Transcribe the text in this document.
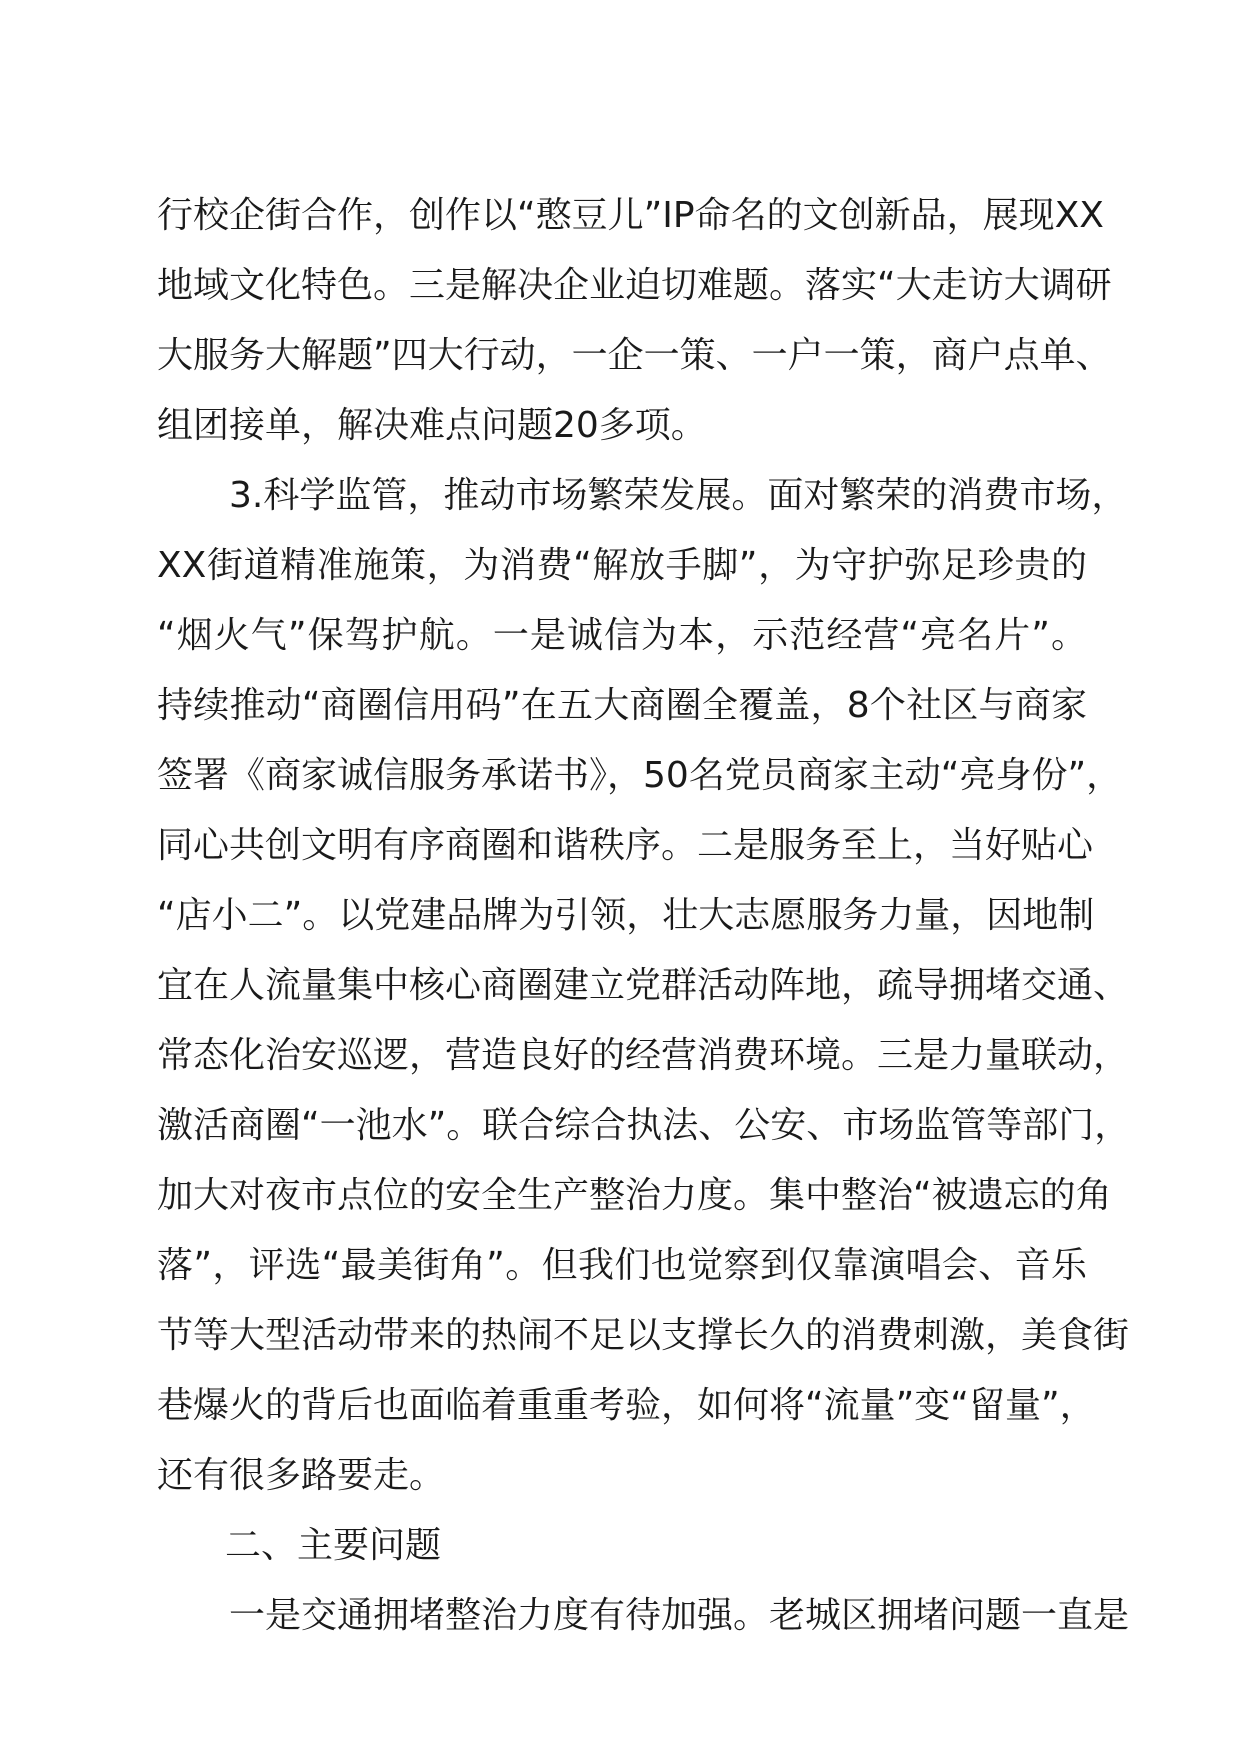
行校企街合作，创作以“憨豆儿”IP命名的文创新品，展现XX
地域文化特色。三是解决企业迫切难题。落实“大走访大调研
大服务大解题”四大行动，一企一策、一户一策，商户点单、
组团接单，解决难点问题20多项。
3.科学监管，推动市场繁荣发展。面对繁荣的消费市场，
XX街道精准施策，为消费“解放手脚”，为守护弥足珍贵的
“烟火气”保驾护航。一是诚信为本，示范经营“亮名片”。
持续推动“商圈信用码”在五大商圈全覆盖，8个社区与商家
签署《商家诚信服务承诺书》，50名党员商家主动“亮身份”，
同心共创文明有序商圈和谐秩序。二是服务至上，当好贴心
“店小二”。以党建品牌为引领，壮大志愿服务力量，因地制
宜在人流量集中核心商圈建立党群活动阵地，疏导拥堵交通、
常态化治安巡逻，营造良好的经营消费环境。三是力量联动，
激活商圈“一池水”。联合综合执法、公安、市场监管等部门，
加大对夜市点位的安全生产整治力度。集中整治“被遗忘的角
落”，评选“最美街角”。但我们也觉察到仅靠演唱会、音乐
节等大型活动带来的热闹不足以支撑长久的消费刺激，美食街
巷爆火的背后也面临着重重考验，如何将“流量”变“留量”，
还有很多路要走。
二、主要问题
一是交通拥堵整治力度有待加强。老城区拥堵问题一直是
